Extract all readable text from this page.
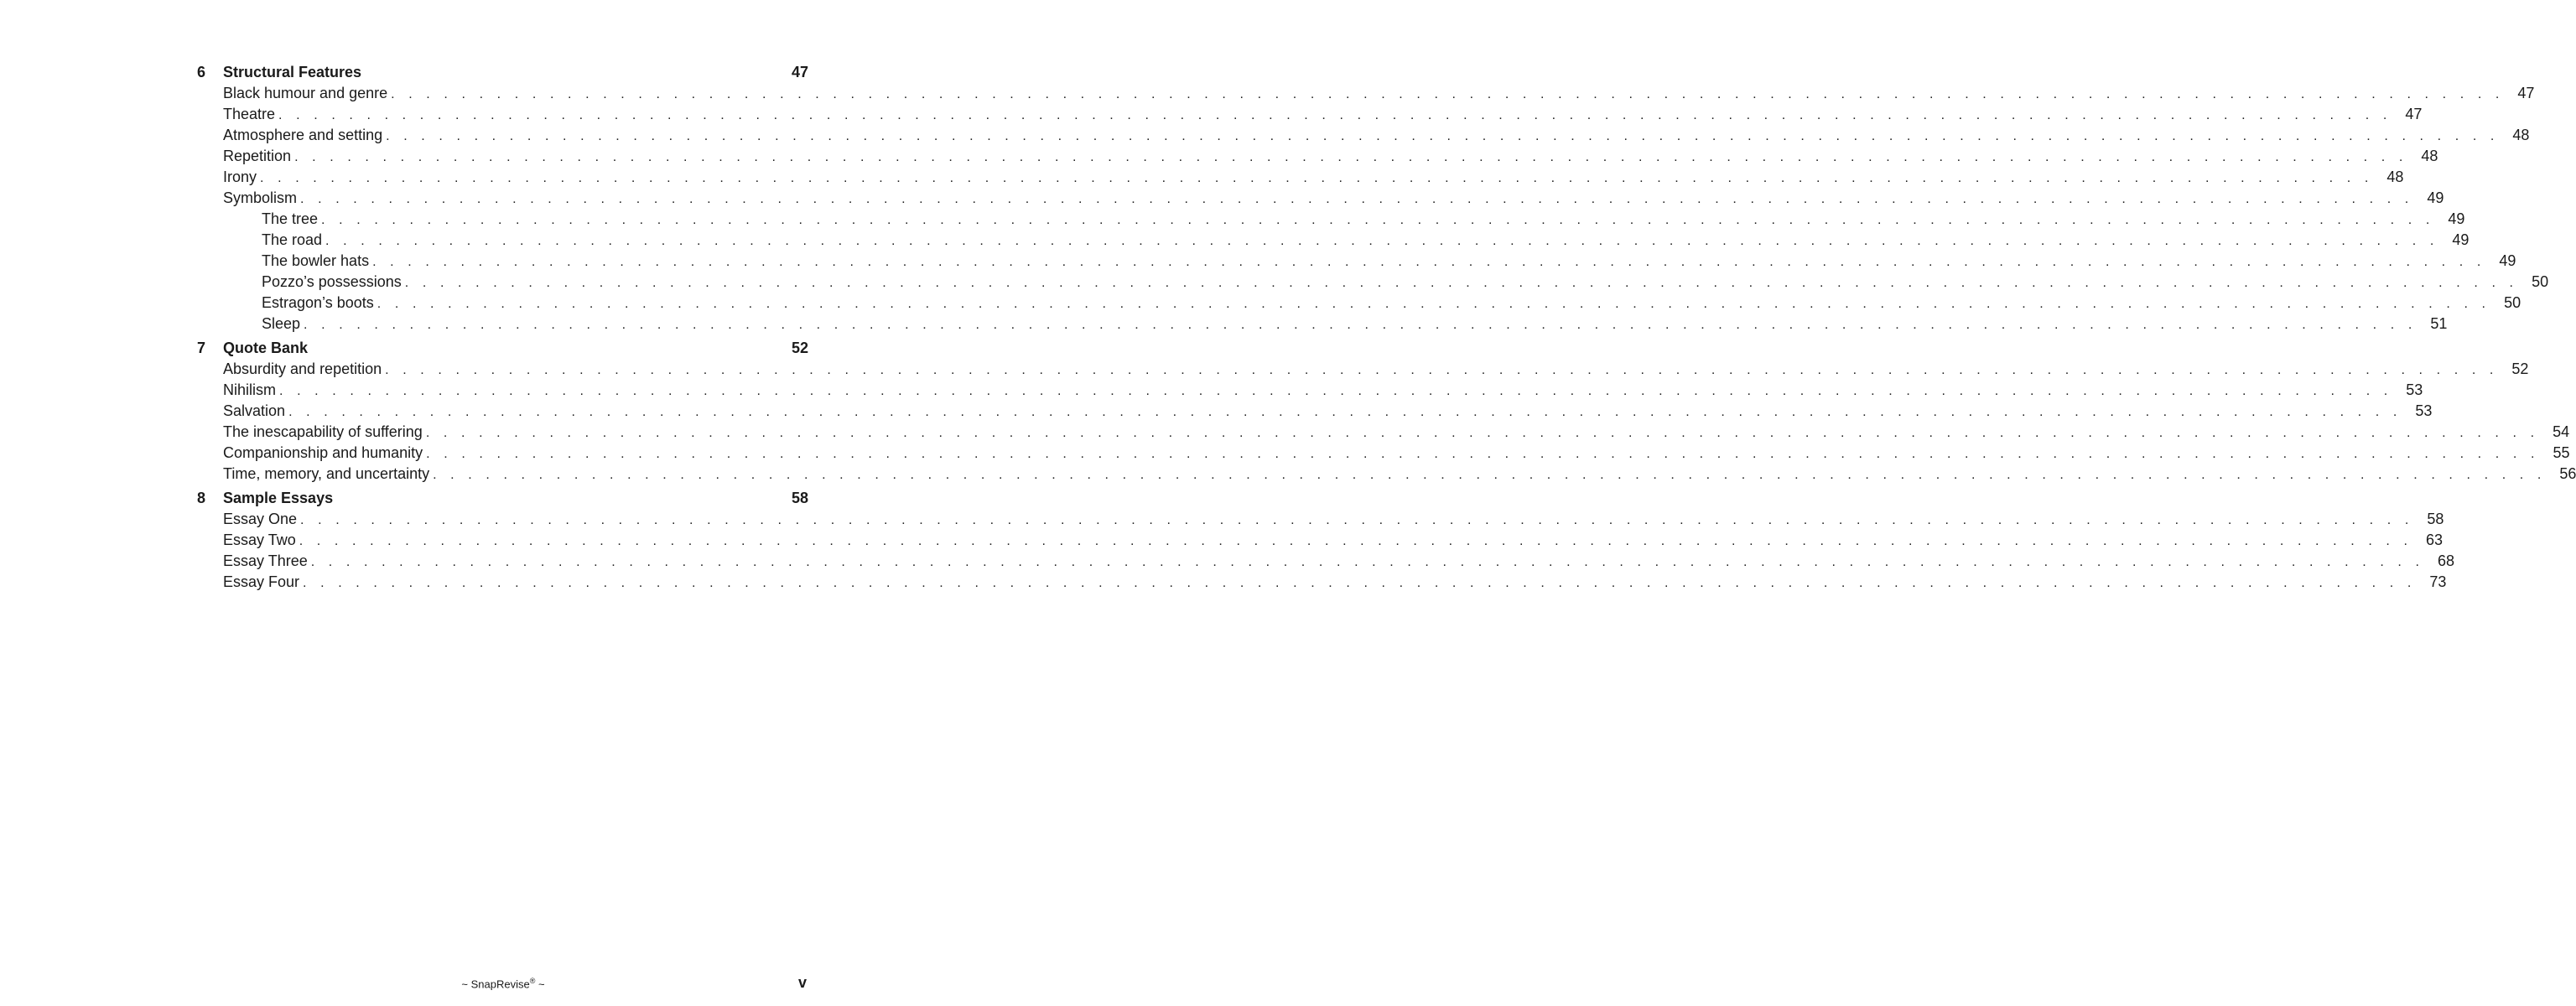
6	Structural Features	47
Black humour and genre . . . . . . . . . . . . . . . . . . . . . . . . . . . . . . . . . . . . . . . . . . . . . . . . . . . . . . . . . . . . . . . . . . . . . . . . . . . . . . . . . . . . . . . . . . . . . . . . . . . . . . . . . . . . . . . . . . . . . . . . 47
Theatre . . . . . . . . . . . . . . . . . . . . . . . . . . . . . . . . . . . . . . . . . . . . . . . . . . . . . . . . . . . . . . . . . . . . . . . . . . . . . . . . . . . . . . . . . . . . . . . . . . . . . . . . . . . . . . . . . . . . . . . . 47
Atmosphere and setting . . . . . . . . . . . . . . . . . . . . . . . . . . . . . . . . . . . . . . . . . . . . . . . . . . . . . . . . . . . . . . . . . . . . . . . . . . . . . . . . . . . . . . . . . . . . . . . . . . . . . . . . . . . . . . . . . . . . . . . . 48
Repetition . . . . . . . . . . . . . . . . . . . . . . . . . . . . . . . . . . . . . . . . . . . . . . . . . . . . . . . . . . . . . . . . . . . . . . . . . . . . . . . . . . . . . . . . . . . . . . . . . . . . . . . . . . . . . . . . . . . . . . . . 48
Irony . . . . . . . . . . . . . . . . . . . . . . . . . . . . . . . . . . . . . . . . . . . . . . . . . . . . . . . . . . . . . . . . . . . . . . . . . . . . . . . . . . . . . . . . . . . . . . . . . . . . . . . . . . . . . . . . . . . . . . . . 48
Symbolism . . . . . . . . . . . . . . . . . . . . . . . . . . . . . . . . . . . . . . . . . . . . . . . . . . . . . . . . . . . . . . . . . . . . . . . . . . . . . . . . . . . . . . . . . . . . . . . . . . . . . . . . . . . . . . . . . . . . . . . . 49
The tree . . . . . . . . . . . . . . . . . . . . . . . . . . . . . . . . . . . . . . . . . . . . . . . . . . . . . . . . . . . . . . . . . . . . . . . . . . . . . . . . . . . . . . . . . . . . . . . . . . . . . . . . . . . . . . . . . . . . . . . . 49
The road . . . . . . . . . . . . . . . . . . . . . . . . . . . . . . . . . . . . . . . . . . . . . . . . . . . . . . . . . . . . . . . . . . . . . . . . . . . . . . . . . . . . . . . . . . . . . . . . . . . . . . . . . . . . . . . . . . . . . . . . 49
The bowler hats . . . . . . . . . . . . . . . . . . . . . . . . . . . . . . . . . . . . . . . . . . . . . . . . . . . . . . . . . . . . . . . . . . . . . . . . . . . . . . . . . . . . . . . . . . . . . . . . . . . . . . . . . . . . . . . . . . . . . . . . 49
Pozzo’s possessions . . . . . . . . . . . . . . . . . . . . . . . . . . . . . . . . . . . . . . . . . . . . . . . . . . . . . . . . . . . . . . . . . . . . . . . . . . . . . . . . . . . . . . . . . . . . . . . . . . . . . . . . . . . . . . . . . . . . . . . . 50
Estragon’s boots . . . . . . . . . . . . . . . . . . . . . . . . . . . . . . . . . . . . . . . . . . . . . . . . . . . . . . . . . . . . . . . . . . . . . . . . . . . . . . . . . . . . . . . . . . . . . . . . . . . . . . . . . . . . . . . . . . . . . . . . 50
Sleep . . . . . . . . . . . . . . . . . . . . . . . . . . . . . . . . . . . . . . . . . . . . . . . . . . . . . . . . . . . . . . . . . . . . . . . . . . . . . . . . . . . . . . . . . . . . . . . . . . . . . . . . . . . . . . . . . . . . . . . . 51
7	Quote Bank	52
Absurdity and repetition . . . . . . . . . . . . . . . . . . . . . . . . . . . . . . . . . . . . . . . . . . . . . . . . . . . . . . . . . . . . . . . . . . . . . . . . . . . . . . . . . . . . . . . . . . . . . . . . . . . . . . . . . . . . . . . . . . . . . . . . 52
Nihilism . . . . . . . . . . . . . . . . . . . . . . . . . . . . . . . . . . . . . . . . . . . . . . . . . . . . . . . . . . . . . . . . . . . . . . . . . . . . . . . . . . . . . . . . . . . . . . . . . . . . . . . . . . . . . . . . . . . . . . . . 53
Salvation . . . . . . . . . . . . . . . . . . . . . . . . . . . . . . . . . . . . . . . . . . . . . . . . . . . . . . . . . . . . . . . . . . . . . . . . . . . . . . . . . . . . . . . . . . . . . . . . . . . . . . . . . . . . . . . . . . . . . . . . 53
The inescapability of suffering . . . . . . . . . . . . . . . . . . . . . . . . . . . . . . . . . . . . . . . . . . . . . . . . . . . . . . . . . . . . . . . . . . . . . . . . . . . . . . . . . . . . . . . . . . . . . . . . . . . . . . . . . . . . . . . . . . . . . . . . 54
Companionship and humanity . . . . . . . . . . . . . . . . . . . . . . . . . . . . . . . . . . . . . . . . . . . . . . . . . . . . . . . . . . . . . . . . . . . . . . . . . . . . . . . . . . . . . . . . . . . . . . . . . . . . . . . . . . . . . . . . . . . . . . . . 55
Time, memory, and uncertainty . . . . . . . . . . . . . . . . . . . . . . . . . . . . . . . . . . . . . . . . . . . . . . . . . . . . . . . . . . . . . . . . . . . . . . . . . . . . . . . . . . . . . . . . . . . . . . . . . . . . . . . . . . . . . . . . . . . . . . . . 56
8	Sample Essays	58
Essay One . . . . . . . . . . . . . . . . . . . . . . . . . . . . . . . . . . . . . . . . . . . . . . . . . . . . . . . . . . . . . . . . . . . . . . . . . . . . . . . . . . . . . . . . . . . . . . . . . . . . . . . . . . . . . . . . . . . . . . . . 58
Essay Two . . . . . . . . . . . . . . . . . . . . . . . . . . . . . . . . . . . . . . . . . . . . . . . . . . . . . . . . . . . . . . . . . . . . . . . . . . . . . . . . . . . . . . . . . . . . . . . . . . . . . . . . . . . . . . . . . . . . . . . . 63
Essay Three . . . . . . . . . . . . . . . . . . . . . . . . . . . . . . . . . . . . . . . . . . . . . . . . . . . . . . . . . . . . . . . . . . . . . . . . . . . . . . . . . . . . . . . . . . . . . . . . . . . . . . . . . . . . . . . . . . . . . . . . 68
Essay Four . . . . . . . . . . . . . . . . . . . . . . . . . . . . . . . . . . . . . . . . . . . . . . . . . . . . . . . . . . . . . . . . . . . . . . . . . . . . . . . . . . . . . . . . . . . . . . . . . . . . . . . . . . . . . . . . . . . . . . . . 73
~ SnapRevise® ~	v
